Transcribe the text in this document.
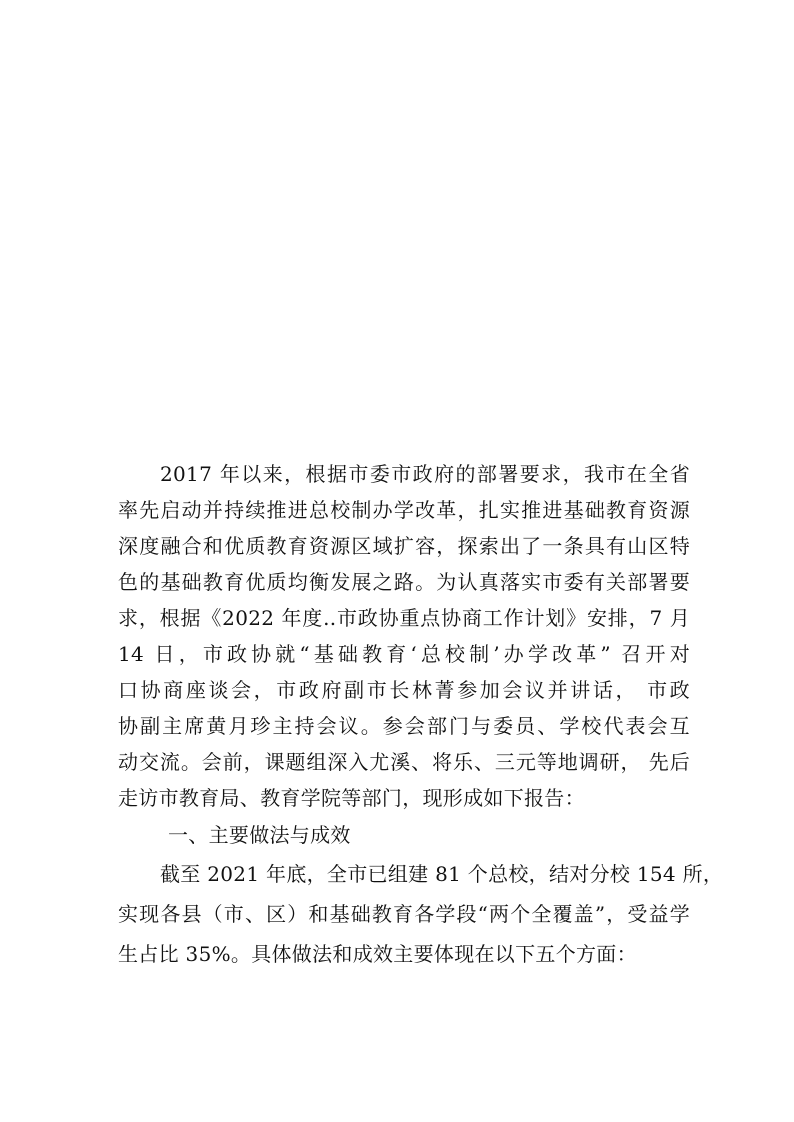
2017 年以来，根据市委市政府的部署要求，我市在全省
率先启动并持续推进总校制办学改革，扎实推进基础教育资源
深度融合和优质教育资源区域扩容，探索出了一条具有山区特
色的基础教育优质均衡发展之路。为认真落实市委有关部署要
求，根据《2022 年度..市政协重点协商工作计划》安排，7 月
14 日，市政协就“基础教育‘总校制’办学改革” 召开对
口协商座谈会，市政府副市长林菁参加会议并讲话， 市政
协副主席黄月珍主持会议。参会部门与委员、学校代表会互
动交流。会前，课题组深入尤溪、将乐、三元等地调研， 先后
走访市教育局、教育学院等部门，现形成如下报告：
一、主要做法与成效
截至 2021 年底，全市已组建 81 个总校，结对分校 154 所，
实现各县（市、区）和基础教育各学段“两个全覆盖”，受益学
生占比 35%。具体做法和成效主要体现在以下五个方面：
